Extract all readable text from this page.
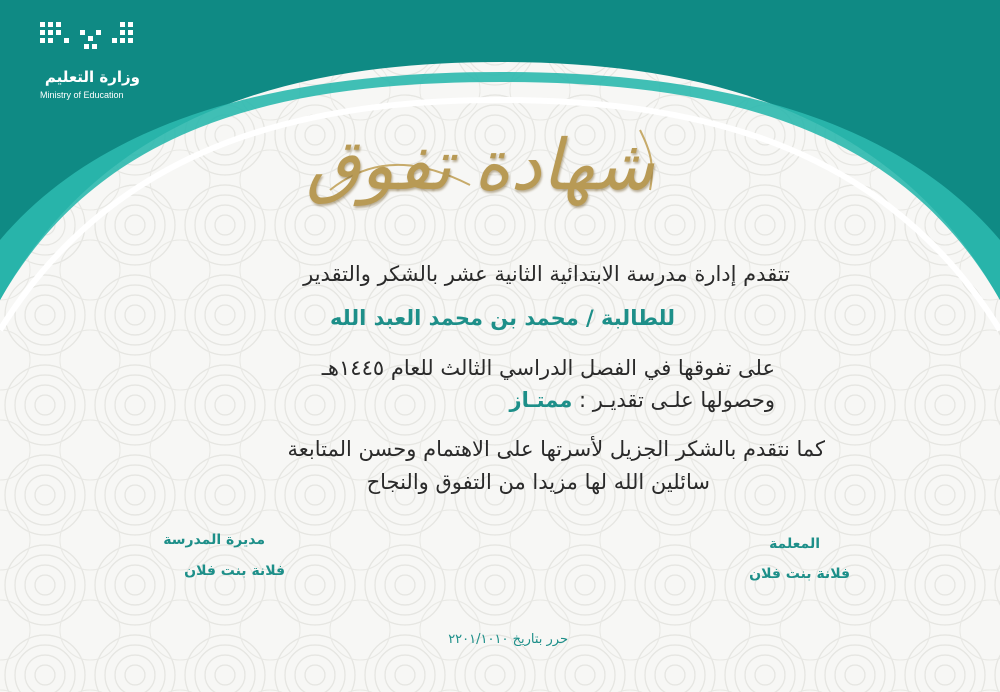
وزارة التعليم
Ministry of Education
شهادة تفوق
تتقدم إدارة مدرسة الابتدائية الثانية عشر بالشكر والتقدير
للطالبة / محمد بن محمد العبد الله
على تفوقها في الفصل الدراسي الثالث للعام ١٤٤٥هـ
وحصولها علـى تقديـر : ممتـاز
كما نتقدم بالشكر الجزيل لأسرتها على الاهتمام وحسن المتابعة
سائلين الله لها مزيدا من التفوق والنجاح
مديرة المدرسة
فلانة بنت فلان
المعلمة
فلانة بنت فلان
حرر بتاريخ ٢٢٠١/١٠١٠
